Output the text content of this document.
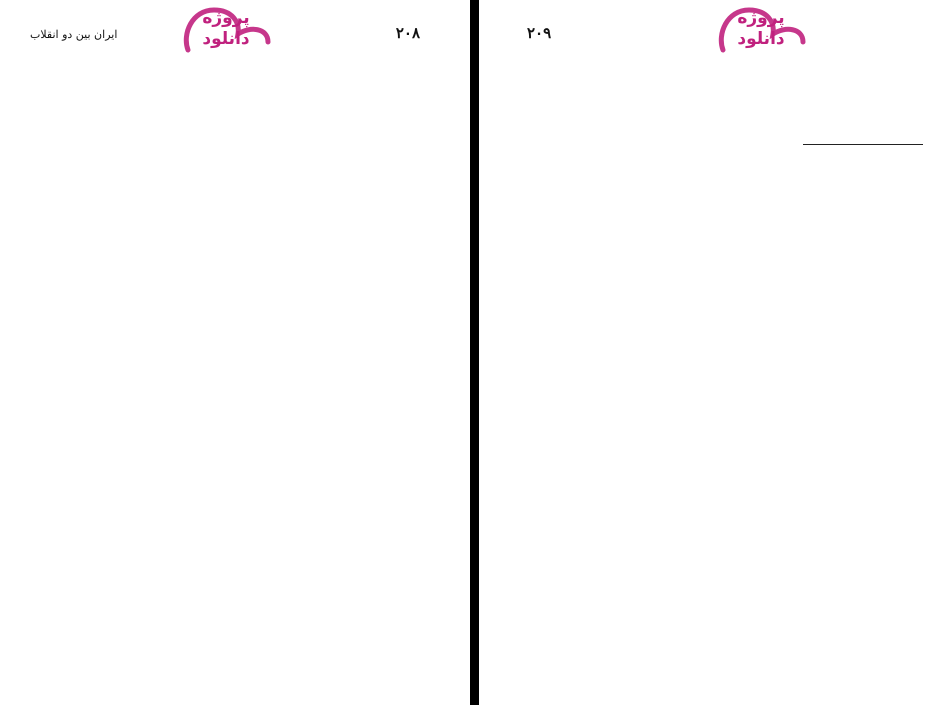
پروژه
دانلود	۲۰۸
ایران بین دو انقلاب

پروژه
دانلود
۲۰۹
